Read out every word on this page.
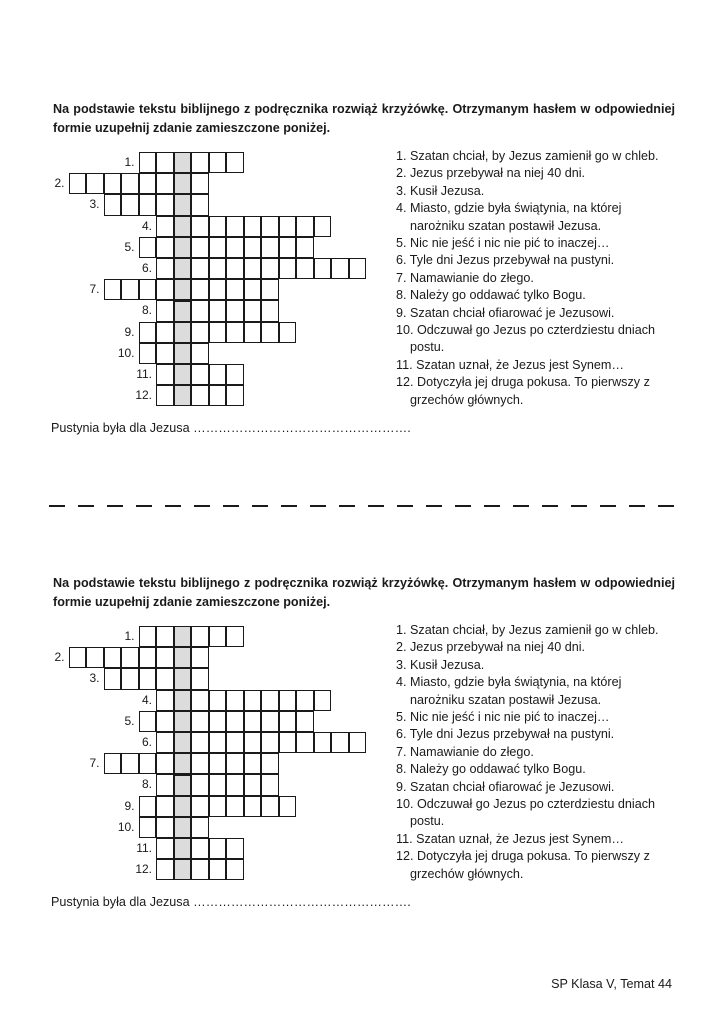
Na podstawie tekstu biblijnego z podręcznika rozwiąż krzyżówkę. Otrzymanym hasłem w odpowiedniej formie uzupełnij zdanie zamieszczone poniżej.
1.
2.
3.
4.
5.
6.
7.
8.
9.
10.
11.
12.
1. Szatan chciał, by Jezus zamienił go w chleb.
2. Jezus przebywał na niej 40 dni.
3. Kusił Jezusa.
4. Miasto, gdzie była świątynia, na której narożniku szatan postawił Jezusa.
5. Nic nie jeść i nic nie pić to inaczej…
6. Tyle dni Jezus przebywał na pustyni.
7. Namawianie do złego.
8. Należy go oddawać tylko Bogu.
9. Szatan chciał ofiarować je Jezusowi.
10. Odczuwał go Jezus po czterdziestu dniach postu.
11. Szatan uznał, że Jezus jest Synem…
12. Dotyczyła jej druga pokusa. To pierwszy z grzechów głównych.
Pustynia była dla Jezusa …………………………………………….
Na podstawie tekstu biblijnego z podręcznika rozwiąż krzyżówkę. Otrzymanym hasłem w odpowiedniej formie uzupełnij zdanie zamieszczone poniżej.
1.
2.
3.
4.
5.
6.
7.
8.
9.
10.
11.
12.
1. Szatan chciał, by Jezus zamienił go w chleb.
2. Jezus przebywał na niej 40 dni.
3. Kusił Jezusa.
4. Miasto, gdzie była świątynia, na której narożniku szatan postawił Jezusa.
5. Nic nie jeść i nic nie pić to inaczej…
6. Tyle dni Jezus przebywał na pustyni.
7. Namawianie do złego.
8. Należy go oddawać tylko Bogu.
9. Szatan chciał ofiarować je Jezusowi.
10. Odczuwał go Jezus po czterdziestu dniach postu.
11. Szatan uznał, że Jezus jest Synem…
12. Dotyczyła jej druga pokusa. To pierwszy z grzechów głównych.
Pustynia była dla Jezusa …………………………………………….
SP Klasa V, Temat 44
